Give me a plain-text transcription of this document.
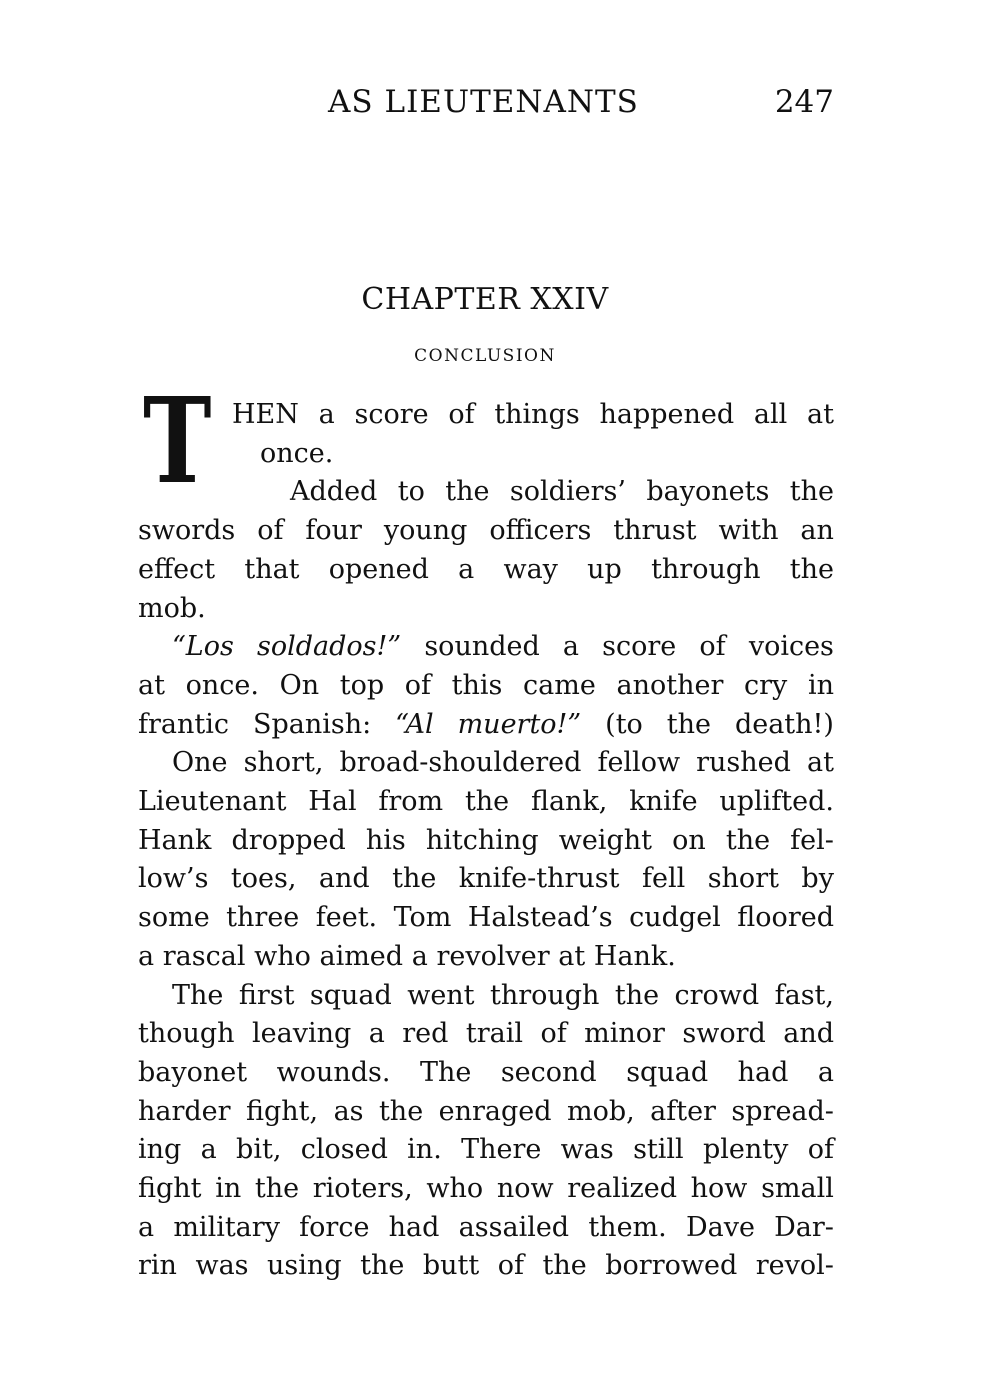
AS LIEUTENANTS	247
CHAPTER XXIV
CONCLUSION
T HEN a score of things happened all at
once.
Added to the soldiers’ bayonets the
swords of four young officers thrust with an
effect that opened a way up through the
mob.
“Los soldados!” sounded a score of voices
at once. On top of this came another cry in
frantic Spanish: “Al muerto!” (to the death!)
One short, broad-shouldered fellow rushed at
Lieutenant Hal from the flank, knife uplifted.
Hank dropped his hitching weight on the fel-
low’s toes, and the knife-thrust fell short by
some three feet. Tom Halstead’s cudgel floored
a rascal who aimed a revolver at Hank.
The first squad went through the crowd fast,
though leaving a red trail of minor sword and
bayonet wounds. The second squad had a
harder fight, as the enraged mob, after spread-
ing a bit, closed in. There was still plenty of
fight in the rioters, who now realized how small
a military force had assailed them. Dave Dar-
rin was using the butt of the borrowed revol-
